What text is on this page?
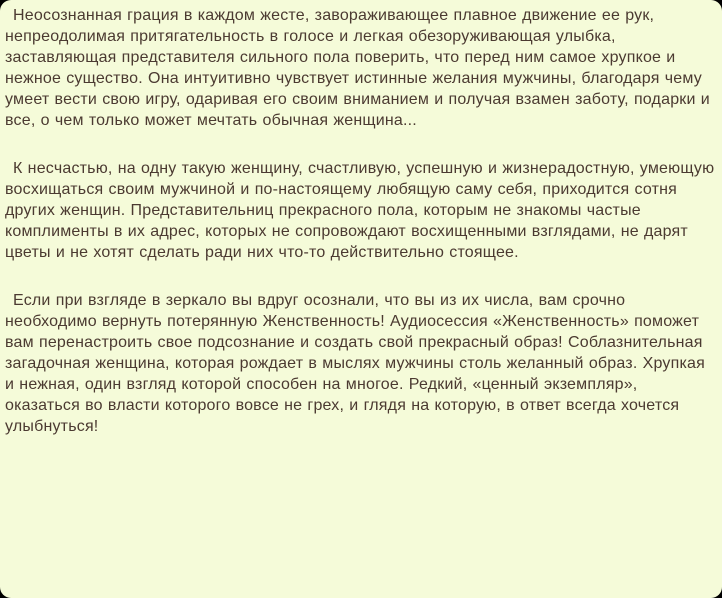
Неосознанная грация в каждом жесте, завораживающее плавное движение ее рук, непреодолимая притягательность в голосе и легкая обезоруживающая улыбка, заставляющая представителя сильного пола поверить, что перед ним самое хрупкое и нежное существо. Она интуитивно чувствует истинные желания мужчины, благодаря чему умеет вести свою игру, одаривая его своим вниманием и получая взамен заботу, подарки и все, о чем только может мечтать обычная женщина...

К несчастью, на одну такую женщину, счастливую, успешную и жизнерадостную, умеющую восхищаться своим мужчиной и по-настоящему любящую саму себя, приходится сотня других женщин. Представительниц прекрасного пола, которым не знакомы частые комплименты в их адрес, которых не сопровождают восхищенными взглядами, не дарят цветы и не хотят сделать ради них что-то действительно стоящее.

Если при взгляде в зеркало вы вдруг осознали, что вы из их числа, вам срочно необходимо вернуть потерянную Женственность! Аудиосессия «Женственность» поможет вам перенастроить свое подсознание и создать свой прекрасный образ! Соблазнительная загадочная женщина, которая рождает в мыслях мужчины столь желанный образ. Хрупкая и нежная, один взгляд которой способен на многое. Редкий, «ценный экземпляр», оказаться во власти которого вовсе не грех, и глядя на которую, в ответ всегда хочется улыбнуться!
